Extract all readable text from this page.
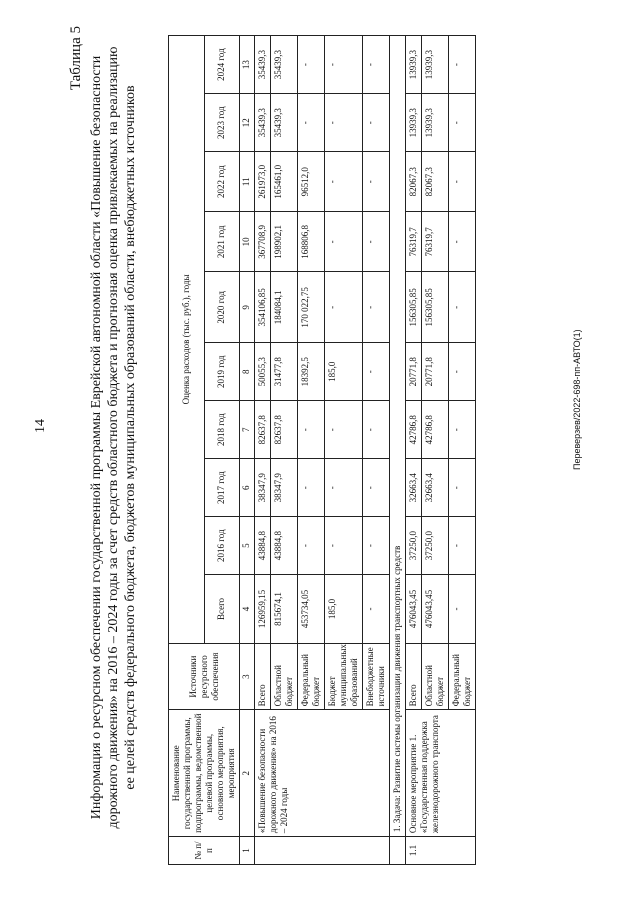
14	Переверзев/2022-698-пп-АВТО(1)
Таблица 5 Информация о ресурсном обеспечении государственной программы Еврейской автономной области «Повышение безопасности дорожного движения» на 2016 – 2024 годы за счет средств областного бюджета и прогнозная оценка привлекаемых на реализацию ее целей средств федерального бюджета, бюджетов муниципальных образований области, внебюджетных источников
№ п/п	Наименование государственной программы, подпрограммы, ведомственной целевой программы, основного мероприятия, мероприятия	Источники ресурсного обеспечения	Оценка расходов (тыс. руб.), годы									
			Всего	2016 год	2017 год	2018 год	2019 год	2020 год	2021 год	2022 год	2023 год	2024 год
1	2	3	4	5	6	7	8	9	10	11	12	13
	«Повышение безопасности дорожного движения» на 2016 – 2024 годы	Всего	126959,15	43884,8	38347,9	82637,8	50055,3	354106,85	367708,9	261973,0	35439,3	35439,3
		Областной бюджет	815674,1	43884,8	38347,9	82637,8	31477,8	184084,1	198902,1	165461,0	35439,3	35439,3
		Федеральный бюджет	453734,05	-	-	-	18392,5	170 022,75	168806,8	96512,0	-	-
		Бюджет муниципальных образований	185,0	-	-	-	185,0	-	-	-	-	-
		Внебюджетные источники	-	-	-	-	-	-	-	-	-	-
	1. Задача: Развитие системы организации движения транспортных средств											
1.1	Основное мероприятие 1. «Государственная поддержка железнодорожного транспорта	Всего	476043,45	37250,0	32663,4	42786,8	20771,8	156305,85	76319,7	82067,3	13939,3	13939,3
		Областной бюджет	476043,45	37250,0	32663,4	42786,8	20771,8	156305,85	76319,7	82067,3	13939,3	13939,3
		Федеральный бюджет	-	-	-	-	-	-	-	-	-	-
